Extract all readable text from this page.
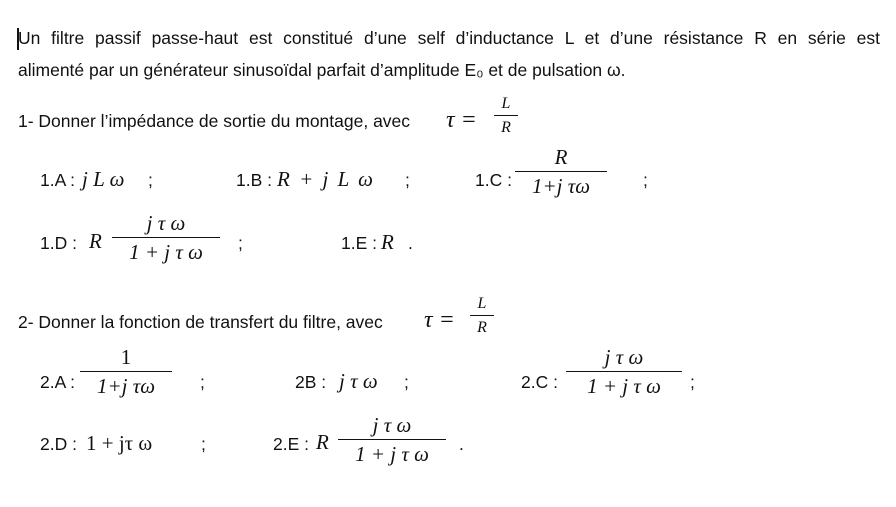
Un filtre passif passe-haut est constitué d’une self d’inductance L et d’une résistance R en série est
alimenté par un générateur sinusoïdal parfait d’amplitude E₀ et de pulsation ω.
1- Donner l’impédance de sortie du montage, avec τ =
L
R
1.A : j L ω ;	1.B : R + j L ω ;	1.C :
R
1+j τω	;
1.D : R
j τ ω
1 + j τ ω ;	1.E : R .
2- Donner la fonction de transfert du filtre, avec τ =
L
R
2.A :
1
1+j τω	;	2B : j τ ω ;	2.C :
j τ ω
1 + j τ ω ;
2.D : 1 + jτ ω	;	2.E : R
j τ ω
1 + j τ ω .
